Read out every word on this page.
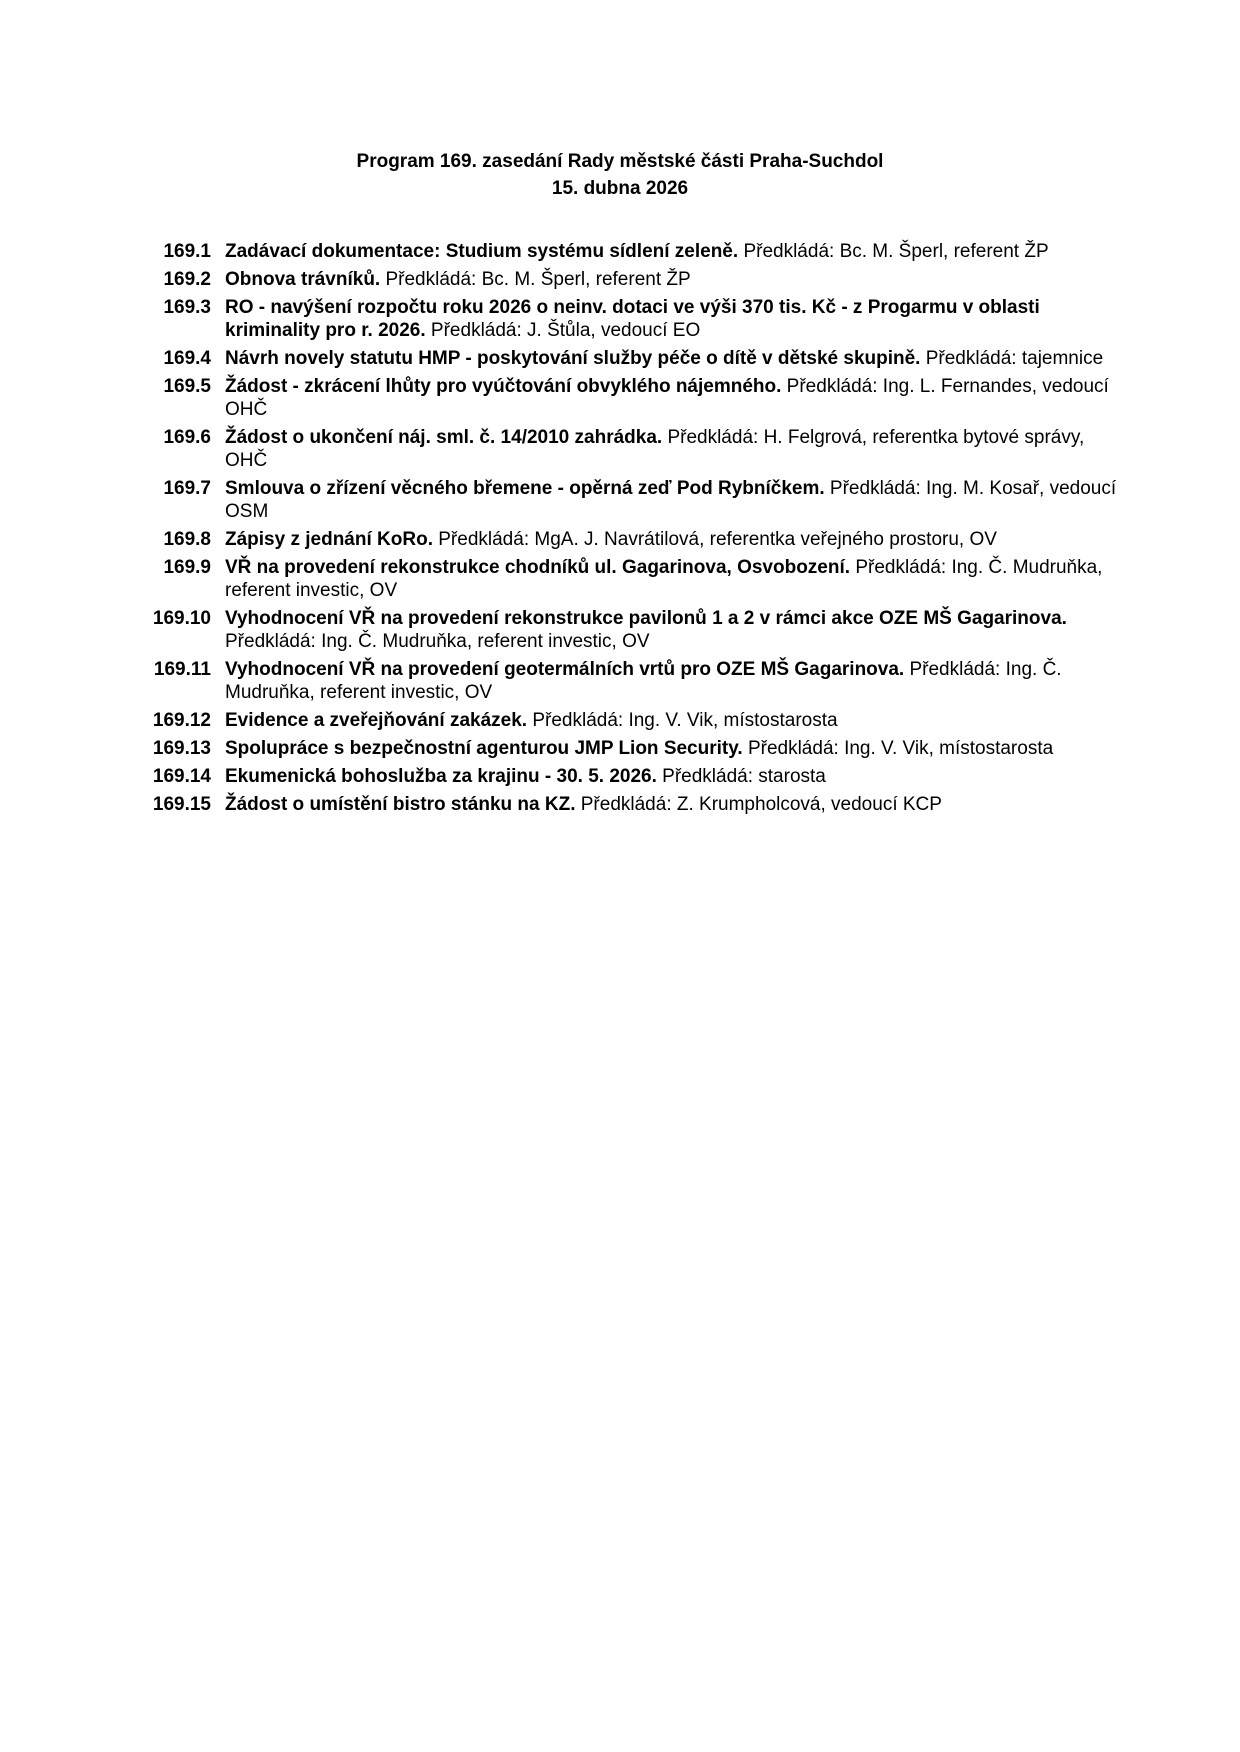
Program 169. zasedání Rady městské části Praha-Suchdol
15. dubna 2026
169.1 Zadávací dokumentace: Studium systému sídlení zeleně. Předkládá: Bc. M. Šperl, referent ŽP
169.2 Obnova trávníků. Předkládá: Bc. M. Šperl, referent ŽP
169.3 RO - navýšení rozpočtu roku 2026 o neinv. dotaci ve výši 370 tis. Kč - z Progarmu v oblasti kriminality pro r. 2026. Předkládá: J. Štůla, vedoucí EO
169.4 Návrh novely statutu HMP - poskytování služby péče o dítě v dětské skupině. Předkládá: tajemnice
169.5 Žádost - zkrácení lhůty pro vyúčtování obvyklého nájemného. Předkládá: Ing. L. Fernandes, vedoucí OHČ
169.6 Žádost o ukončení náj. sml. č. 14/2010 zahrádka. Předkládá: H. Felgrová, referentka bytové správy, OHČ
169.7 Smlouva o zřízení věcného břemene - opěrná zeď Pod Rybníčkem. Předkládá: Ing. M. Kosař, vedoucí OSM
169.8 Zápisy z jednání KoRo. Předkládá: MgA. J. Navrátilová, referentka veřejného prostoru, OV
169.9 VŘ na provedení rekonstrukce chodníků ul. Gagarinova, Osvobození. Předkládá: Ing. Č. Mudruňka, referent investic, OV
169.10 Vyhodnocení VŘ na provedení rekonstrukce pavilonů 1 a 2 v rámci akce OZE MŠ Gagarinova. Předkládá: Ing. Č. Mudruňka, referent investic, OV
169.11 Vyhodnocení VŘ na provedení geotermálních vrtů pro OZE MŠ Gagarinova. Předkládá: Ing. Č. Mudruňka, referent investic, OV
169.12 Evidence a zveřejňování zakázek. Předkládá: Ing. V. Vik, místostarosta
169.13 Spolupráce s bezpečnostní agenturou JMP Lion Security. Předkládá: Ing. V. Vik, místostarosta
169.14 Ekumenická bohoslužba za krajinu - 30. 5. 2026. Předkládá: starosta
169.15 Žádost o umístění bistro stánku na KZ. Předkládá: Z. Krumpholcová, vedoucí KCP
